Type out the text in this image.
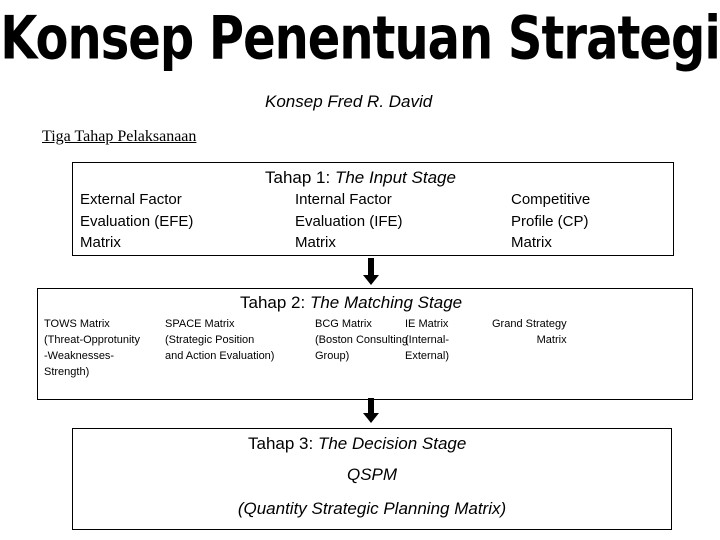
Konsep Penentuan Strategi
Konsep Fred R. David
Tiga Tahap Pelaksanaan
Tahap 1: The Input Stage
External Factor
Evaluation (EFE)
Matrix
Internal Factor
Evaluation (IFE)
Matrix
Competitive
Profile (CP)
Matrix
Tahap 2: The Matching Stage
TOWS Matrix
(Threat-Opprotunity
-Weaknesses-
Strength)
SPACE Matrix
(Strategic Position
and Action Evaluation)
BCG Matrix
(Boston Consulting
Group)
IE Matrix
(Internal-
External)
Grand Strategy
Matrix
Tahap 3: The Decision Stage
QSPM
(Quantity Strategic Planning Matrix)
